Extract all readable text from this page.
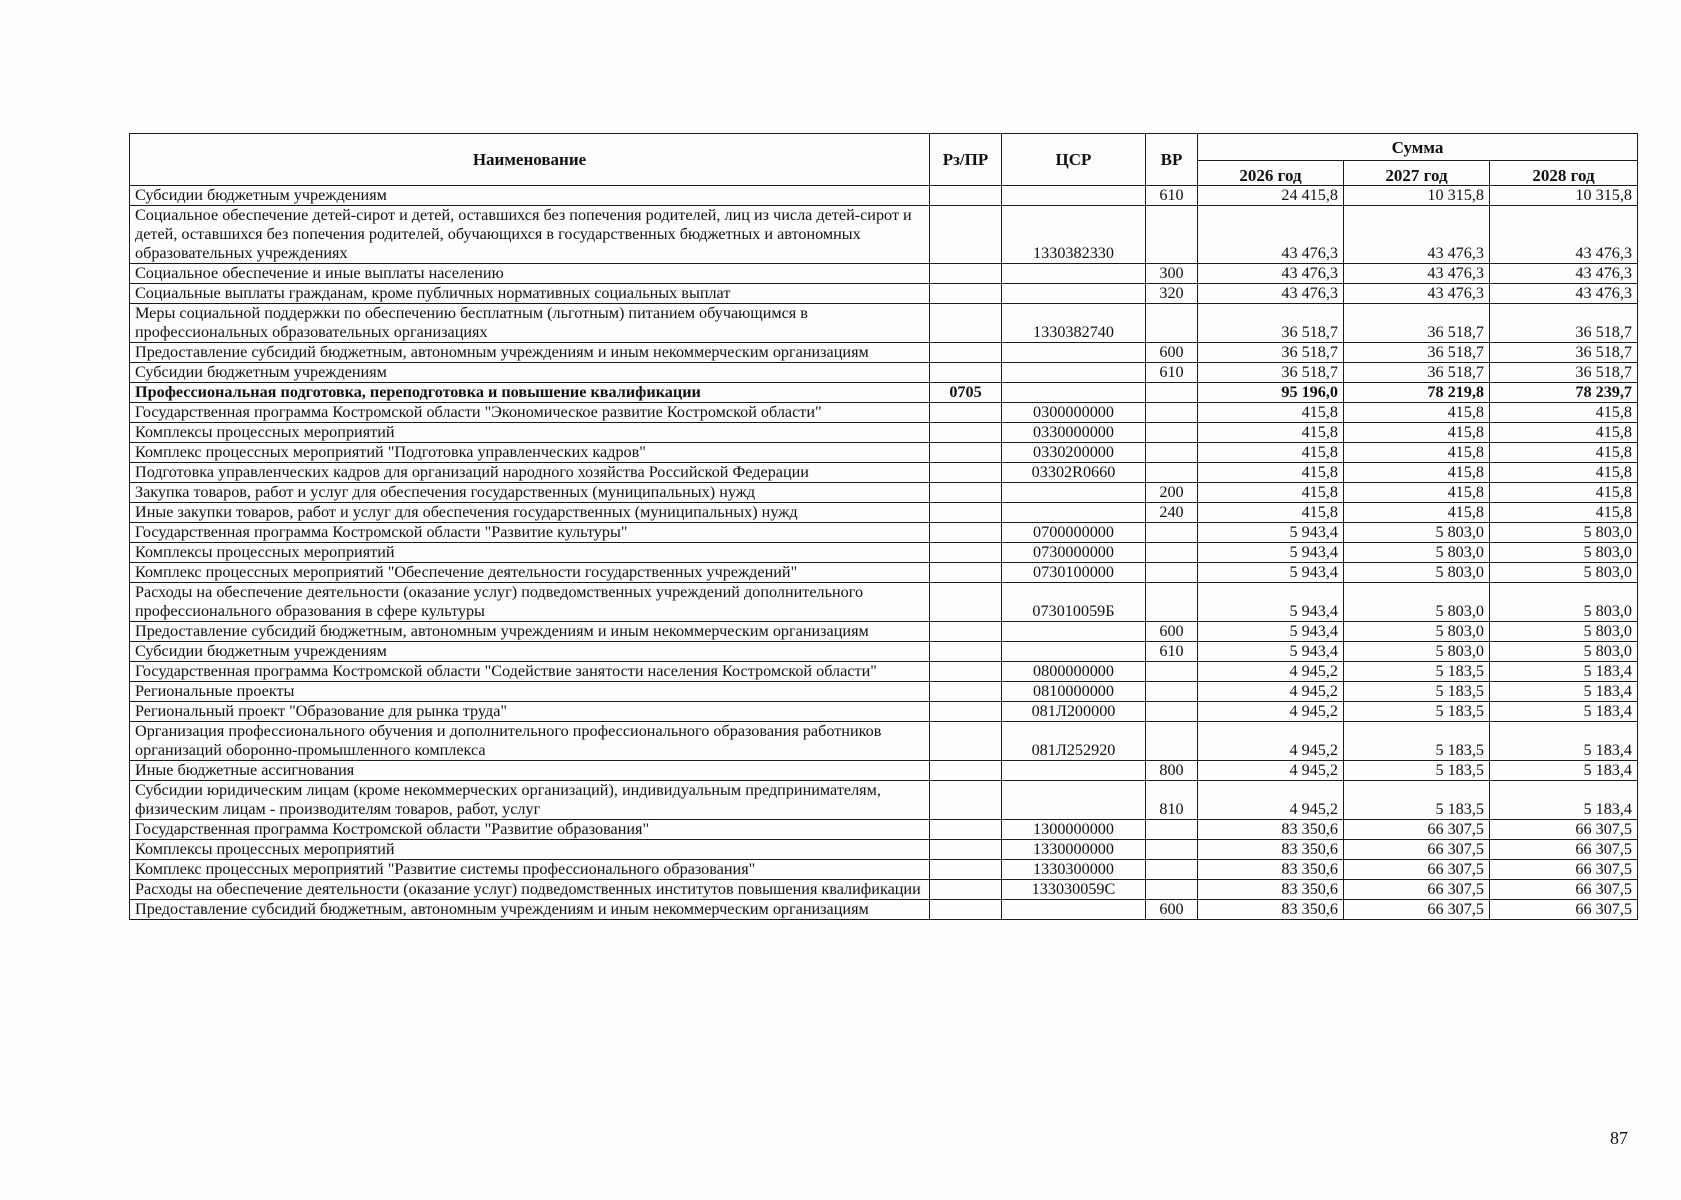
Наименование	Рз/ПР	ЦСР	ВР	Сумма		
				2026 год	2027 год	2028 год
Субсидии бюджетным учреждениям			610	24 415,8	10 315,8	10 315,8
Социальное обеспечение детей-сирот и детей, оставшихся без попечения родителей, лиц из числа детей-сирот и детей, оставшихся без попечения родителей, обучающихся в государственных бюджетных и автономных образовательных учреждениях		1330382330		43 476,3	43 476,3	43 476,3
Социальное обеспечение и иные выплаты населению			300	43 476,3	43 476,3	43 476,3
Социальные выплаты гражданам, кроме публичных нормативных социальных выплат			320	43 476,3	43 476,3	43 476,3
Меры социальной поддержки по обеспечению бесплатным (льготным) питанием обучающимся в профессиональных образовательных организациях		1330382740		36 518,7	36 518,7	36 518,7
Предоставление субсидий бюджетным, автономным учреждениям и иным некоммерческим организациям			600	36 518,7	36 518,7	36 518,7
Субсидии бюджетным учреждениям			610	36 518,7	36 518,7	36 518,7
Профессиональная подготовка, переподготовка и повышение квалификации	0705			95 196,0	78 219,8	78 239,7
Государственная программа Костромской области "Экономическое развитие Костромской области"		0300000000		415,8	415,8	415,8
Комплексы процессных мероприятий		0330000000		415,8	415,8	415,8
Комплекс процессных мероприятий "Подготовка управленческих кадров"		0330200000		415,8	415,8	415,8
Подготовка управленческих кадров для организаций народного хозяйства Российской Федерации		03302R0660		415,8	415,8	415,8
Закупка товаров, работ и услуг для обеспечения государственных (муниципальных) нужд			200	415,8	415,8	415,8
Иные закупки товаров, работ и услуг для обеспечения государственных (муниципальных) нужд			240	415,8	415,8	415,8
Государственная программа Костромской области "Развитие культуры"		0700000000		5 943,4	5 803,0	5 803,0
Комплексы процессных мероприятий		0730000000		5 943,4	5 803,0	5 803,0
Комплекс процессных мероприятий "Обеспечение деятельности государственных учреждений"		0730100000		5 943,4	5 803,0	5 803,0
Расходы на обеспечение деятельности (оказание услуг) подведомственных учреждений дополнительного профессионального образования в сфере культуры		073010059Б		5 943,4	5 803,0	5 803,0
Предоставление субсидий бюджетным, автономным учреждениям и иным некоммерческим организациям			600	5 943,4	5 803,0	5 803,0
Субсидии бюджетным учреждениям			610	5 943,4	5 803,0	5 803,0
Государственная программа Костромской области "Содействие занятости населения Костромской области"		0800000000		4 945,2	5 183,5	5 183,4
Региональные проекты		0810000000		4 945,2	5 183,5	5 183,4
Региональный проект "Образование для рынка труда"		081Л200000		4 945,2	5 183,5	5 183,4
Организация профессионального обучения и дополнительного профессионального образования работников организаций оборонно-промышленного комплекса		081Л252920		4 945,2	5 183,5	5 183,4
Иные бюджетные ассигнования			800	4 945,2	5 183,5	5 183,4
Субсидии юридическим лицам (кроме некоммерческих организаций), индивидуальным предпринимателям, физическим лицам - производителям товаров, работ, услуг			810	4 945,2	5 183,5	5 183,4
Государственная программа Костромской области "Развитие образования"		1300000000		83 350,6	66 307,5	66 307,5
Комплексы процессных мероприятий		1330000000		83 350,6	66 307,5	66 307,5
Комплекс процессных мероприятий "Развитие системы профессионального образования"		1330300000		83 350,6	66 307,5	66 307,5
Расходы на обеспечение деятельности (оказание услуг) подведомственных институтов повышения квалификации		133030059С		83 350,6	66 307,5	66 307,5
Предоставление субсидий бюджетным, автономным учреждениям и иным некоммерческим организациям			600	83 350,6	66 307,5	66 307,5
87
